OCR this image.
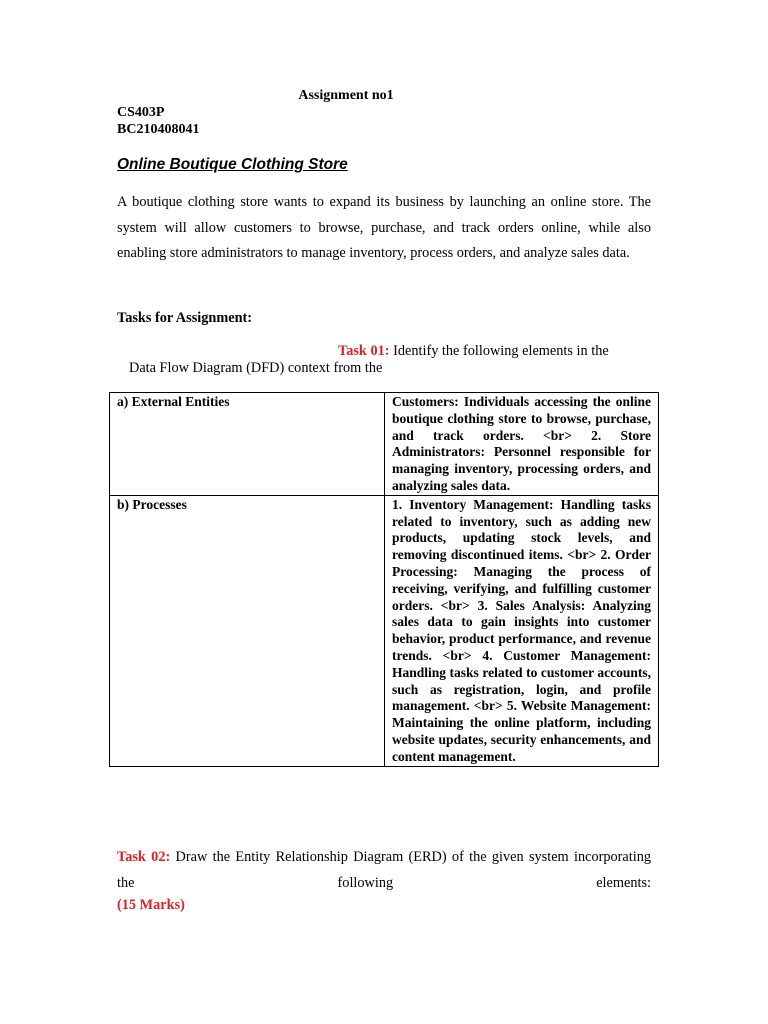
Assignment no1
CS403P
BC210408041
Online Boutique Clothing Store

A boutique clothing store wants to expand its business by launching an online store. The system will allow customers to browse, purchase, and track orders online, while also enabling store administrators to manage inventory, process orders, and analyze sales data.

Tasks for Assignment:
Task 01: Identify the following elements in the
Data Flow Diagram (DFD) context from the
a) External Entities	Customers: Individuals accessing the online boutique clothing store to browse, purchase, and track orders. <br> 2. Store Administrators: Personnel responsible for managing inventory, processing orders, and analyzing sales data.
b) Processes	1. Inventory Management: Handling tasks related to inventory, such as adding new products, updating stock levels, and removing discontinued items. <br> 2. Order Processing: Managing the process of receiving, verifying, and fulfilling customer orders. <br> 3. Sales Analysis: Analyzing sales data to gain insights into customer behavior, product performance, and revenue trends. <br> 4. Customer Management: Handling tasks related to customer accounts, such as registration, login, and profile management. <br> 5. Website Management: Maintaining the online platform, including website updates, security enhancements, and content management.

Task 02: Draw the Entity Relationship Diagram (ERD) of the given system incorporating the following elements:

(15 Marks)
